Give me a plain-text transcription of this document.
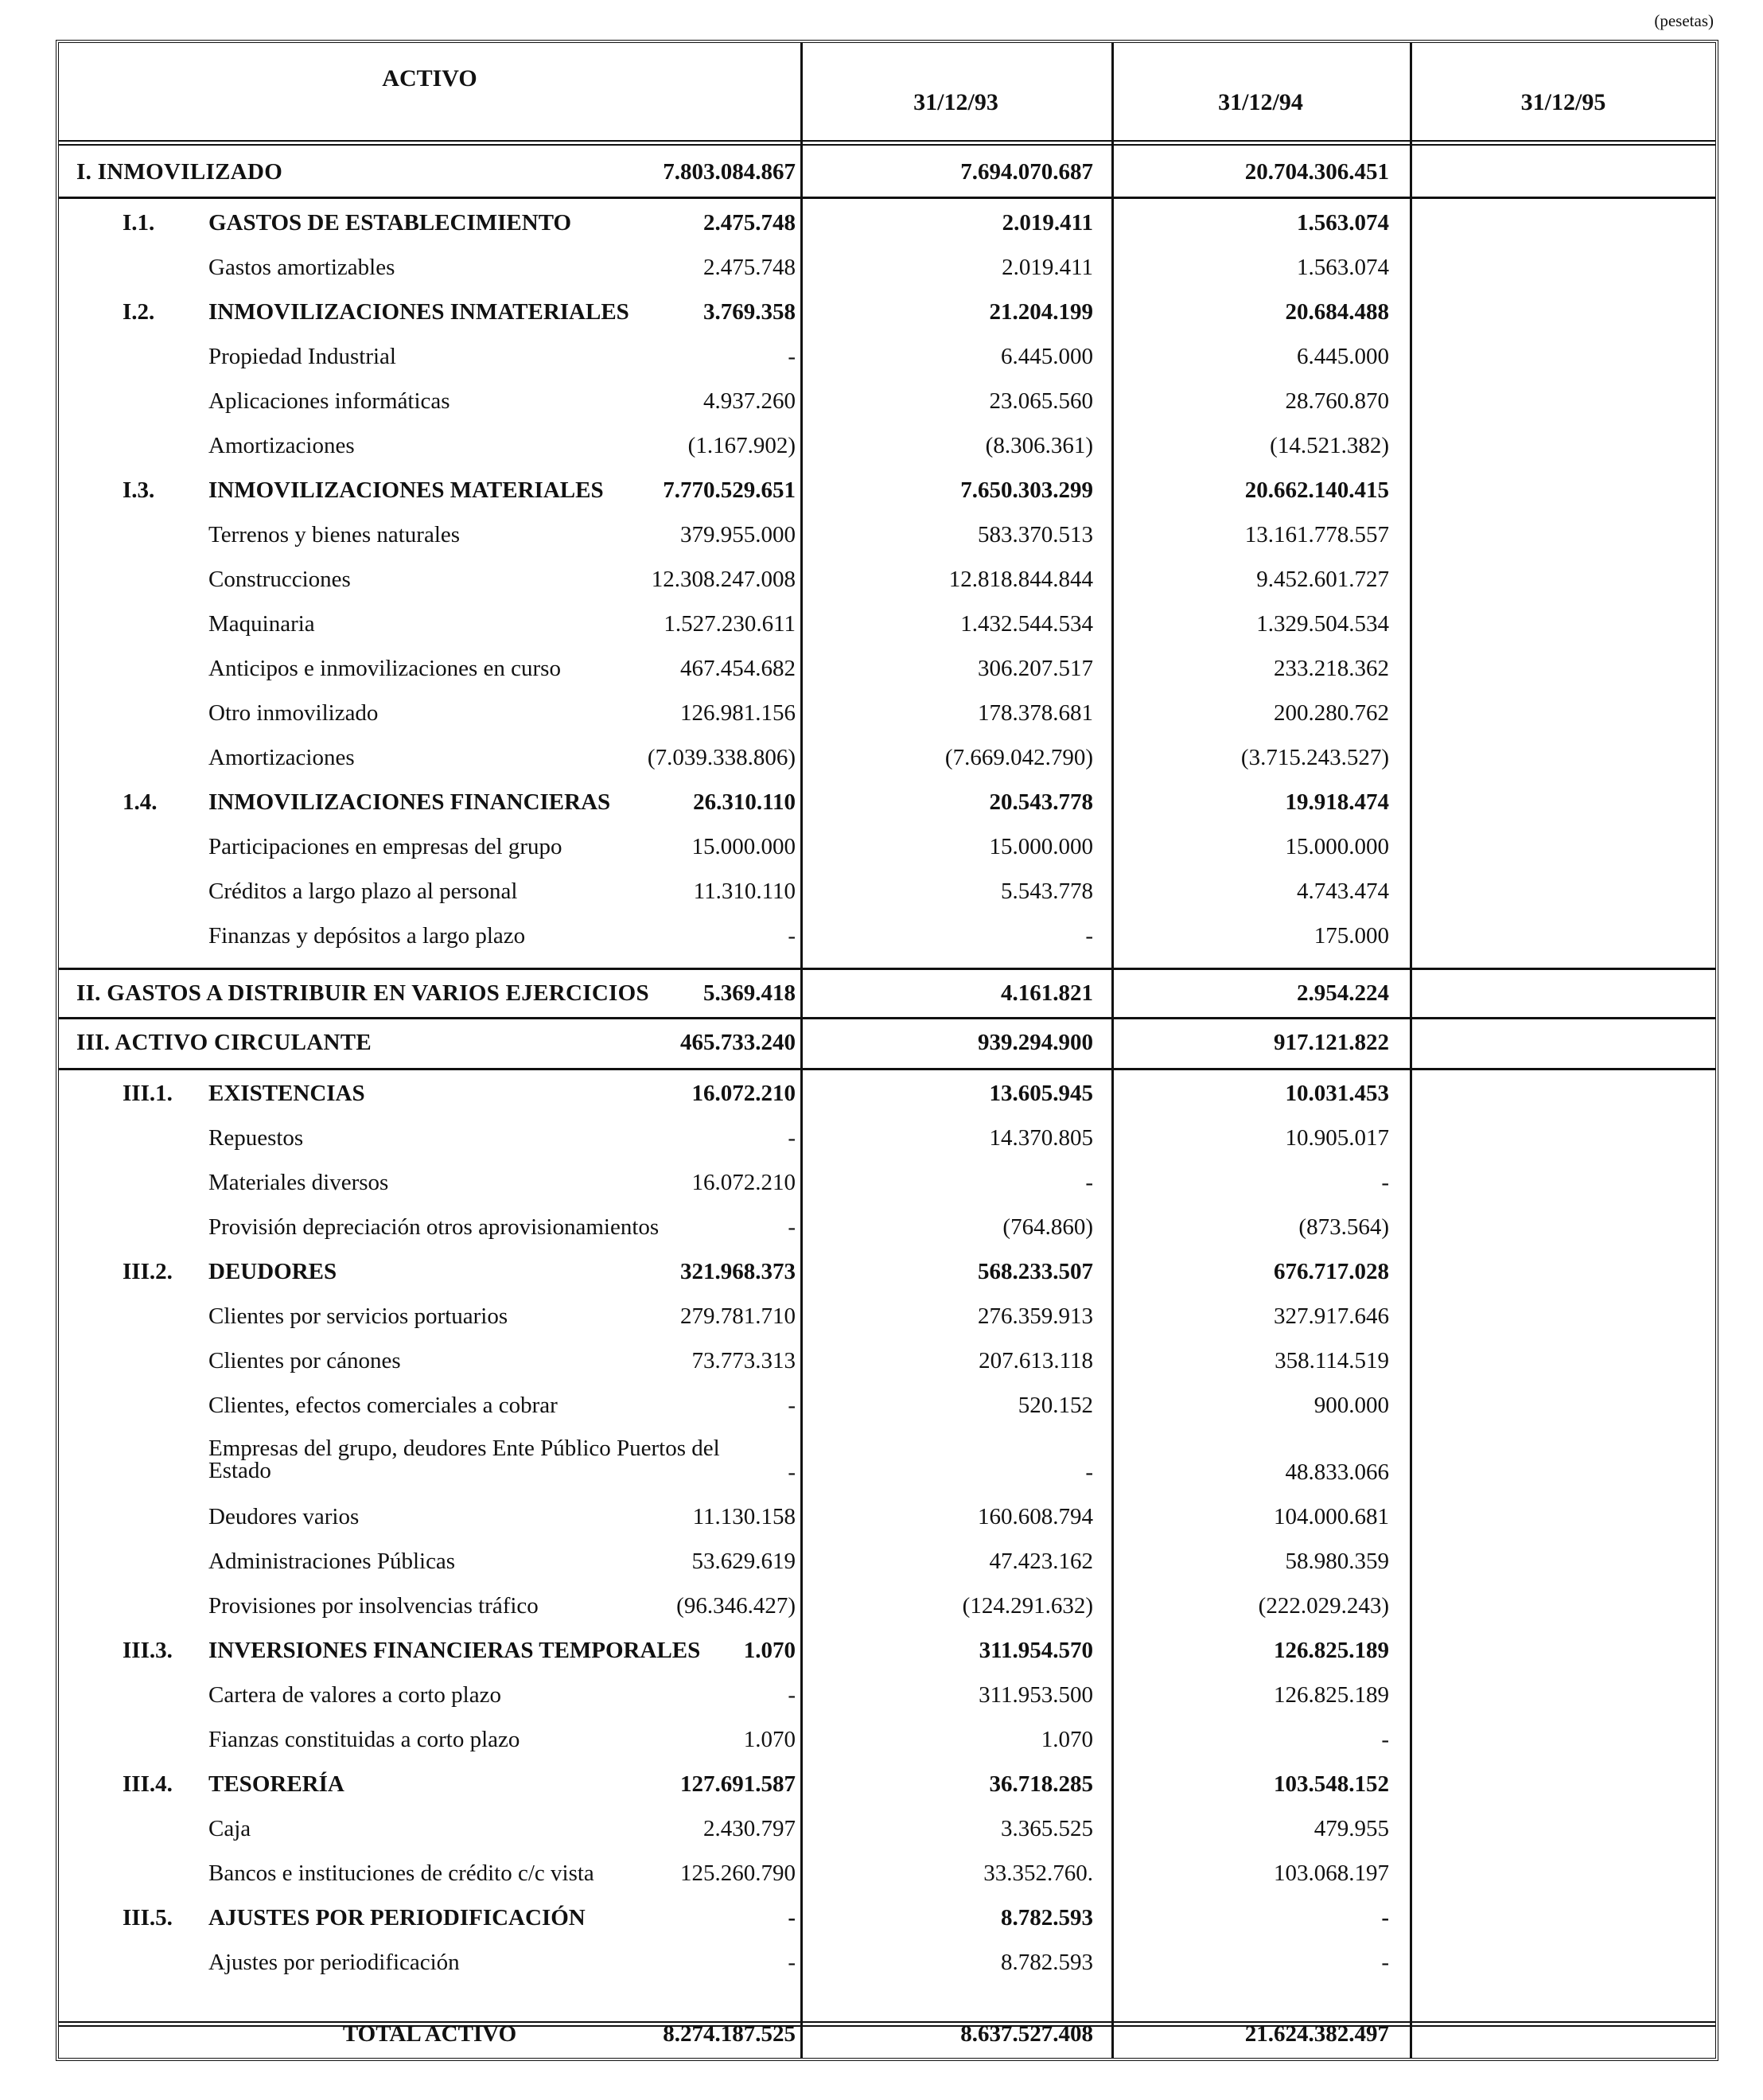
(pesetas)
ACTIVO
31/12/93	31/12/94	31/12/95
I. INMOVILIZADO	7.803.084.867	7.694.070.687	20.704.306.451
I.1. GASTOS DE ESTABLECIMIENTO	2.475.748	2.019.411	1.563.074
Gastos amortizables	2.475.748	2.019.411	1.563.074
I.2. INMOVILIZACIONES INMATERIALES	3.769.358	21.204.199	20.684.488
Propiedad Industrial	-	6.445.000	6.445.000
Aplicaciones informáticas	4.937.260	23.065.560	28.760.870
Amortizaciones	(1.167.902)	(8.306.361)	(14.521.382)
I.3. INMOVILIZACIONES MATERIALES	7.770.529.651	7.650.303.299	20.662.140.415
Terrenos y bienes naturales	379.955.000	583.370.513	13.161.778.557
Construcciones	12.308.247.008	12.818.844.844	9.452.601.727
Maquinaria	1.527.230.611	1.432.544.534	1.329.504.534
Anticipos e inmovilizaciones en curso	467.454.682	306.207.517	233.218.362
Otro inmovilizado	126.981.156	178.378.681	200.280.762
Amortizaciones	(7.039.338.806)	(7.669.042.790)	(3.715.243.527)
1.4. INMOVILIZACIONES FINANCIERAS	26.310.110	20.543.778	19.918.474
Participaciones en empresas del grupo	15.000.000	15.000.000	15.000.000
Créditos a largo plazo al personal	11.310.110	5.543.778	4.743.474
Finanzas y depósitos a largo plazo	-	-	175.000
II. GASTOS A DISTRIBUIR EN VARIOS EJERCICIOS 5.369.418	4.161.821	2.954.224
III. ACTIVO CIRCULANTE	465.733.240	939.294.900	917.121.822
III.1. EXISTENCIAS	16.072.210	13.605.945	10.031.453
Repuestos	-	14.370.805	10.905.017
Materiales diversos	16.072.210	-	-
Provisión depreciación otros aprovisionamientos	-	(764.860)	(873.564)
III.2. DEUDORES	321.968.373	568.233.507	676.717.028
Clientes por servicios portuarios	279.781.710	276.359.913	327.917.646
Clientes por cánones	73.773.313	207.613.118	358.114.519
Clientes, efectos comerciales a cobrar	-	520.152	900.000
Empresas del grupo, deudores Ente Público Puertos del Estado	-	-	48.833.066
Deudores varios	11.130.158	160.608.794	104.000.681
Administraciones Públicas	53.629.619	47.423.162	58.980.359
Provisiones por insolvencias tráfico	(96.346.427)	(124.291.632)	(222.029.243)
III.3. INVERSIONES FINANCIERAS TEMPORALES 1.070	311.954.570	126.825.189
Cartera de valores a corto plazo	-	311.953.500	126.825.189
Fianzas constituidas a corto plazo	1.070	1.070	-
III.4. TESORERÍA	127.691.587	36.718.285	103.548.152
Caja	2.430.797	3.365.525	479.955
Bancos e instituciones de crédito c/c vista	125.260.790	33.352.760.	103.068.197
III.5. AJUSTES POR PERIODIFICACIÓN	-	8.782.593	-
Ajustes por periodificación	-	8.782.593	-
TOTAL ACTIVO	8.274.187.525	8.637.527.408	21.624.382.497
